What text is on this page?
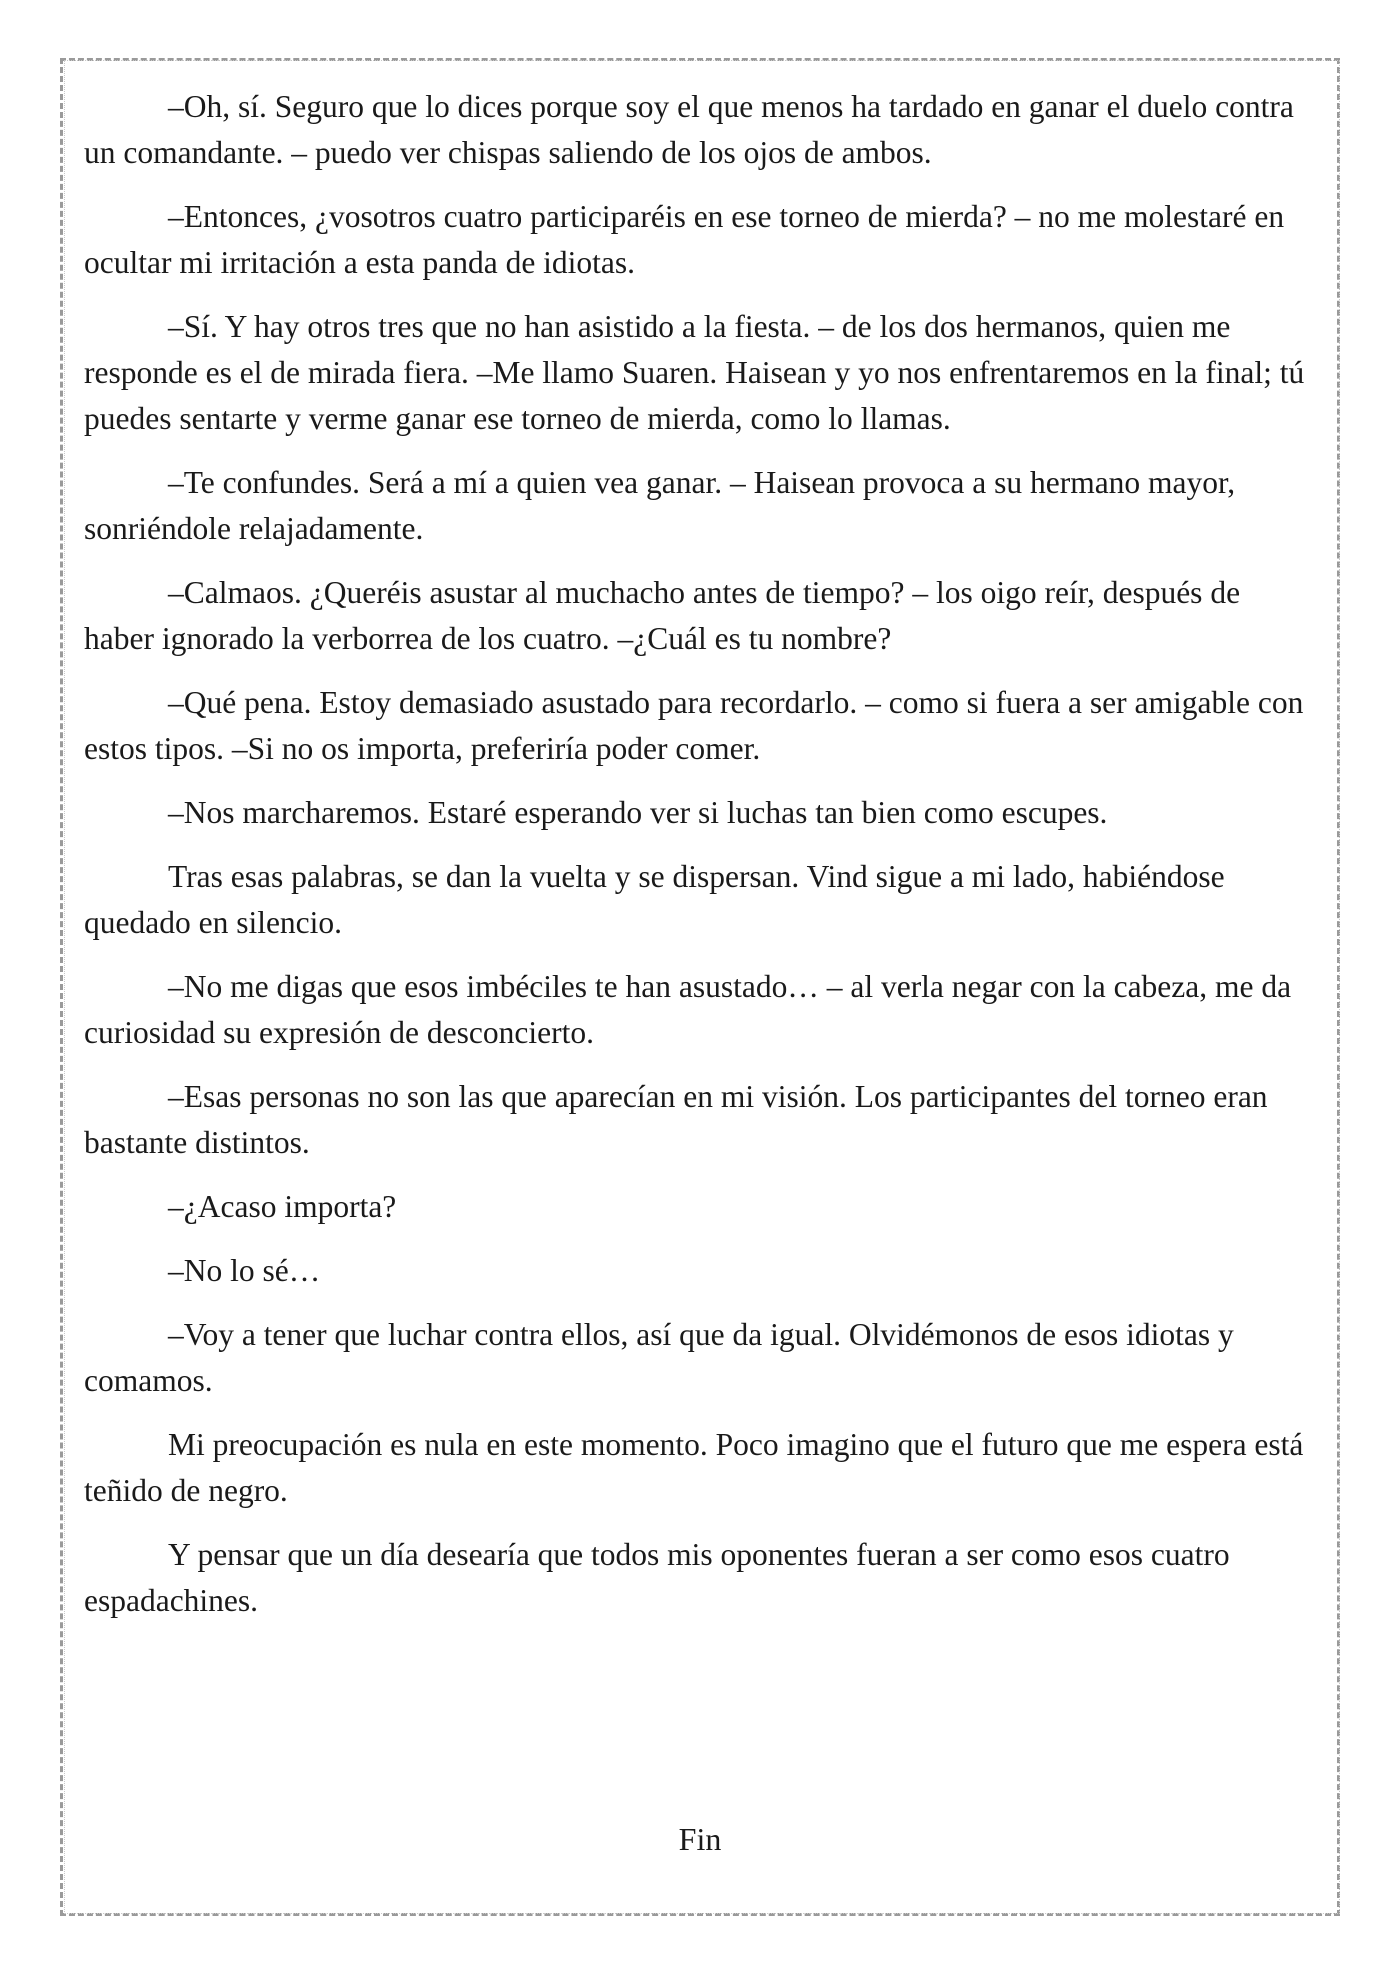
–Oh, sí. Seguro que lo dices porque soy el que menos ha tardado en ganar el duelo contra un comandante. – puedo ver chispas saliendo de los ojos de ambos.

–Entonces, ¿vosotros cuatro participaréis en ese torneo de mierda? – no me molestaré en ocultar mi irritación a esta panda de idiotas.

–Sí. Y hay otros tres que no han asistido a la fiesta. – de los dos hermanos, quien me responde es el de mirada fiera. –Me llamo Suaren. Haisean y yo nos enfrentaremos en la final; tú puedes sentarte y verme ganar ese torneo de mierda, como lo llamas.

–Te confundes. Será a mí a quien vea ganar. – Haisean provoca a su hermano mayor, sonriéndole relajadamente.

–Calmaos. ¿Queréis asustar al muchacho antes de tiempo? – los oigo reír, después de haber ignorado la verborrea de los cuatro. –¿Cuál es tu nombre?

–Qué pena. Estoy demasiado asustado para recordarlo. – como si fuera a ser amigable con estos tipos. –Si no os importa, preferiría poder comer.

–Nos marcharemos. Estaré esperando ver si luchas tan bien como escupes.

Tras esas palabras, se dan la vuelta y se dispersan. Vind sigue a mi lado, habiéndose quedado en silencio.

–No me digas que esos imbéciles te han asustado… – al verla negar con la cabeza, me da curiosidad su expresión de desconcierto.

–Esas personas no son las que aparecían en mi visión. Los participantes del torneo eran bastante distintos.

–¿Acaso importa?

–No lo sé…

–Voy a tener que luchar contra ellos, así que da igual. Olvidémonos de esos idiotas y comamos.

Mi preocupación es nula en este momento. Poco imagino que el futuro que me espera está teñido de negro.

Y pensar que un día desearía que todos mis oponentes fueran a ser como esos cuatro espadachines.

Fin
